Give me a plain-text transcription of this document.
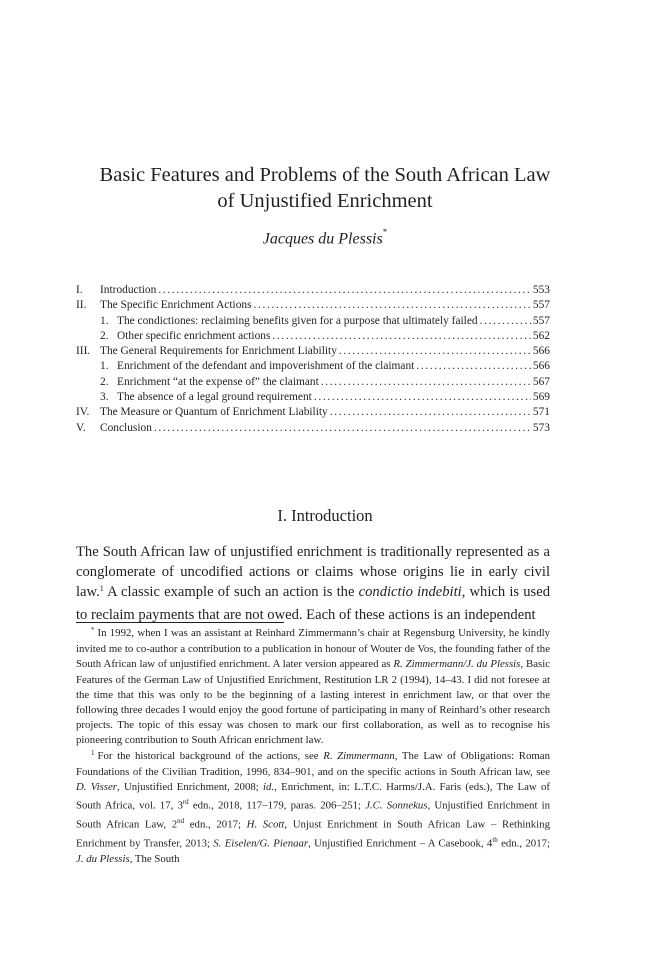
Basic Features and Problems of the South African Law
of Unjustified Enrichment
Jacques du Plessis*
I.	Introduction . . .	553
II.	The Specific Enrichment Actions . . .	557
1. The condictiones: reclaiming benefits given for a purpose that ultimately failed . . .	557
2. Other specific enrichment actions . . .	562
III. The General Requirements for Enrichment Liability . . .	566
1. Enrichment of the defendant and impoverishment of the claimant . . .	566
2. Enrichment “at the expense of” the claimant . . .	567
3. The absence of a legal ground requirement . . .	569
IV. The Measure or Quantum of Enrichment Liability . . .	571
V.	Conclusion . . .	573
I. Introduction

The South African law of unjustified enrichment is traditionally represented as a conglomerate of uncodified actions or claims whose origins lie in early civil law.$^1$ A classic example of such an action is the condictio indebiti, which is used to reclaim payments that are not owed. Each of these actions is an independent

* In 1992, when I was an assistant at Reinhard Zimmermann’s chair at Regensburg University, he kindly invited me to co-author a contribution to a publication in honour of Wouter de Vos, the founding father of the South African law of unjustified enrichment. A later version appeared as R. Zimmermann/J. du Plessis, Basic Features of the German Law of Unjustified Enrichment, Restitution LR 2 (1994), 14–43. I did not foresee at the time that this was only to be the beginning of a lasting interest in enrichment law, or that over the following three decades I would enjoy the good fortune of participating in many of Reinhard’s other research projects. The topic of this essay was chosen to mark our first collaboration, as well as to recognise his pioneering contribution to South African enrichment law.

$^1$ For the historical background of the actions, see R. Zimmermann, The Law of Obligations: Roman Foundations of the Civilian Tradition, 1996, 834–901, and on the specific actions in South African law, see D. Visser, Unjustified Enrichment, 2008; id., Enrichment, in: L.T.C. Harms/J.A. Faris (eds.), The Law of South Africa, vol. 17, 3rd edn., 2018, 117–179, paras. 206–251; J.C. Sonnekus, Unjustified Enrichment in South African Law, 2nd edn., 2017; H. Scott, Unjust Enrichment in South African Law – Rethinking Enrichment by Transfer, 2013; S. Eiselen/G. Pienaar, Unjustified Enrichment – A Casebook, 4th edn., 2017; J. du Plessis, The South
